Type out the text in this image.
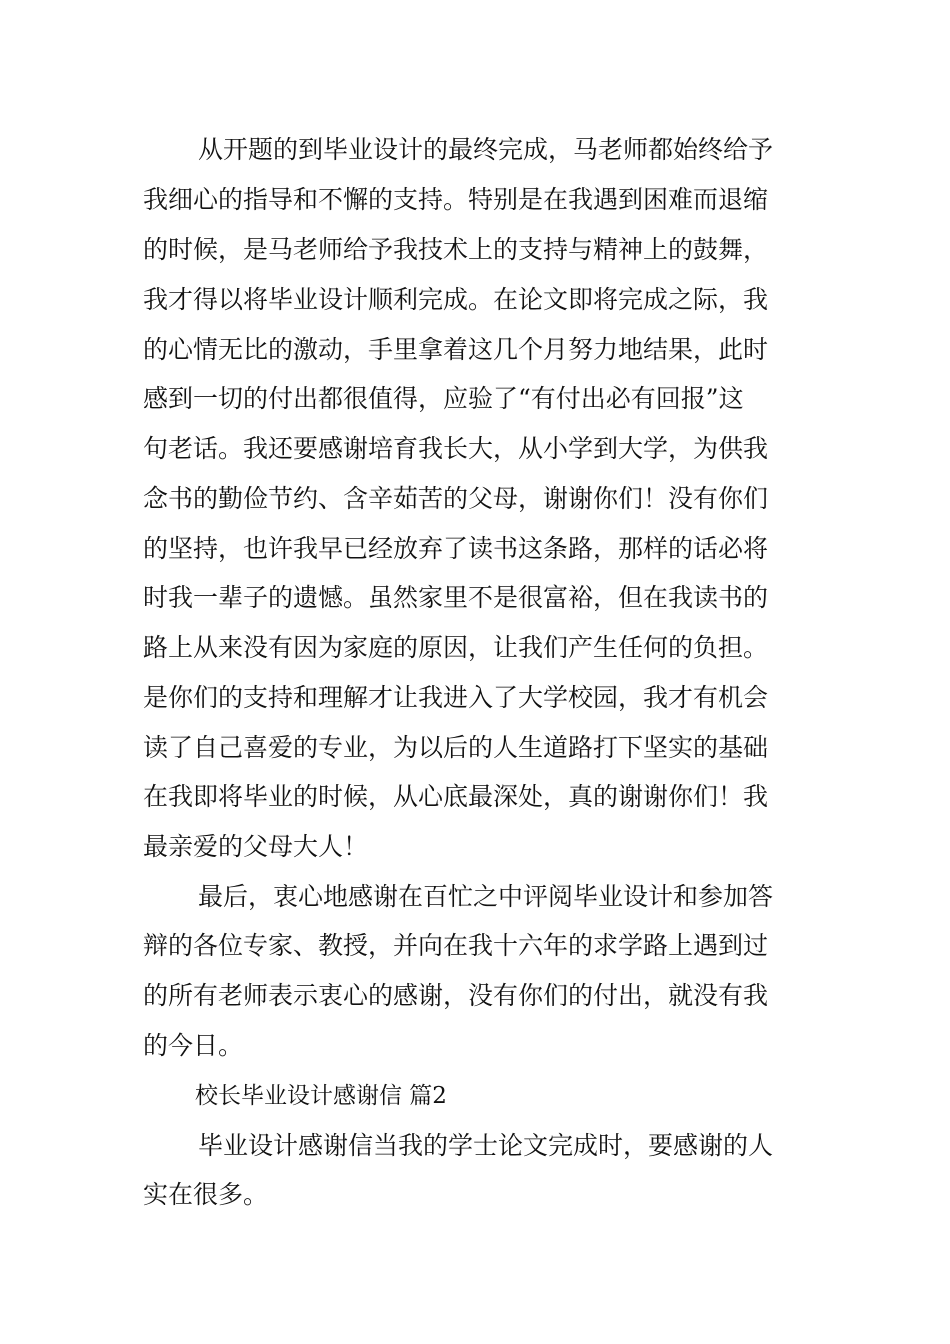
从开题的到毕业设计的最终完成，马老师都始终给予

我细心的指导和不懈的支持。特别是在我遇到困难而退缩

的时候，是马老师给予我技术上的支持与精神上的鼓舞，

我才得以将毕业设计顺利完成。在论文即将完成之际，我

的心情无比的激动，手里拿着这几个月努力地结果，此时

感到一切的付出都很值得，应验了“有付出必有回报”这

句老话。我还要感谢培育我长大，从小学到大学，为供我

念书的勤俭节约、含辛茹苦的父母，谢谢你们！没有你们

的坚持，也许我早已经放弃了读书这条路，那样的话必将

时我一辈子的遗憾。虽然家里不是很富裕，但在我读书的

路上从来没有因为家庭的原因，让我们产生任何的负担。

是你们的支持和理解才让我进入了大学校园，我才有机会

读了自己喜爱的专业，为以后的人生道路打下坚实的基础

在我即将毕业的时候，从心底最深处，真的谢谢你们！我

最亲爱的父母大人！

最后，衷心地感谢在百忙之中评阅毕业设计和参加答

辩的各位专家、教授，并向在我十六年的求学路上遇到过

的所有老师表示衷心的感谢，没有你们的付出，就没有我

的今日。

校长毕业设计感谢信 篇2

毕业设计感谢信当我的学士论文完成时，要感谢的人

实在很多。
